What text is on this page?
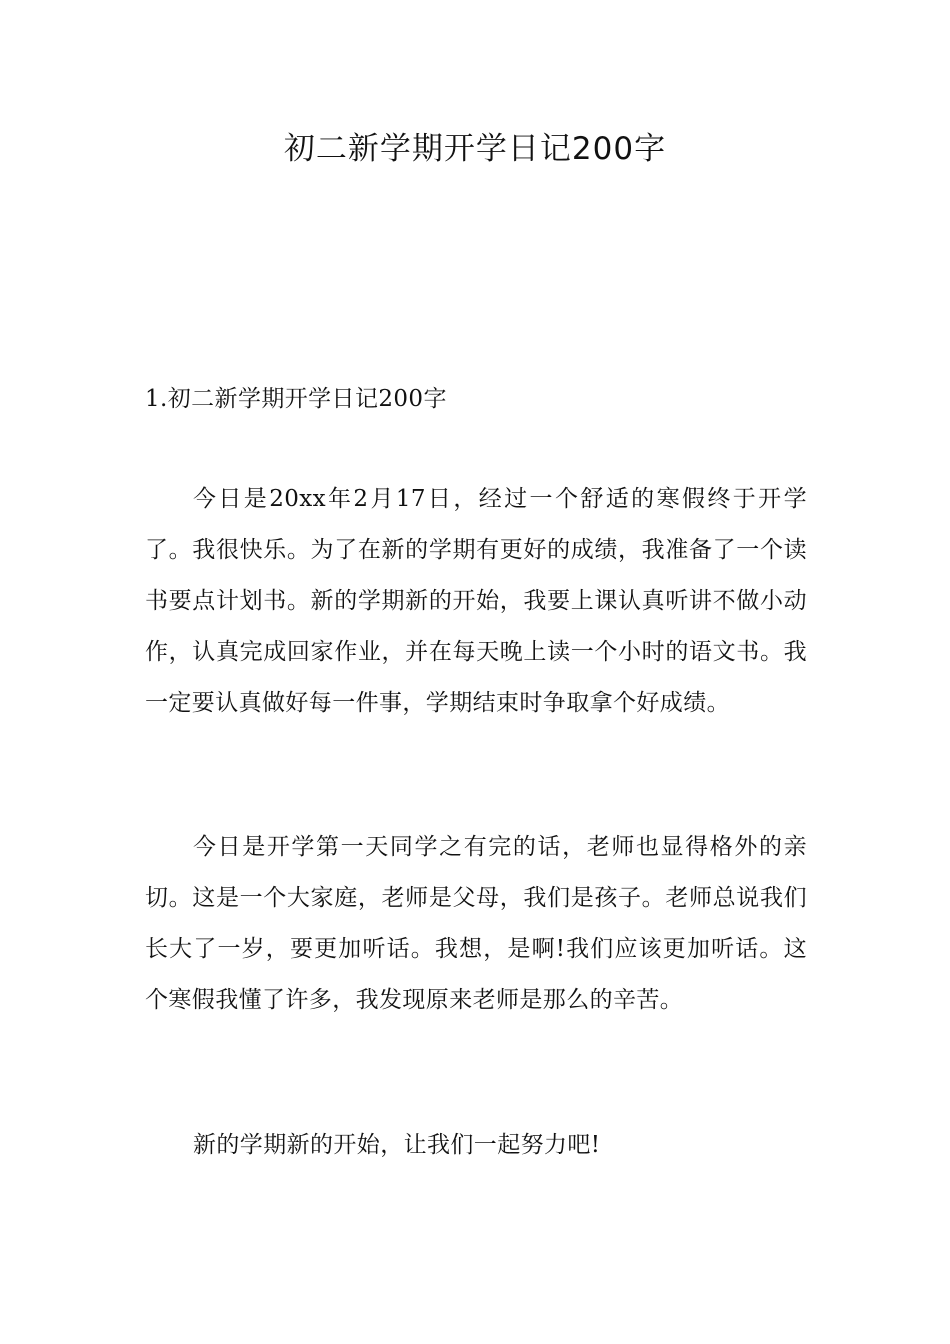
初二新学期开学日记200字

1.初二新学期开学日记200字

今日是20xx年2月17日，经过一个舒适的寒假终于开学了。我很快乐。为了在新的学期有更好的成绩，我准备了一个读书要点计划书。新的学期新的开始，我要上课认真听讲不做小动作，认真完成回家作业，并在每天晚上读一个小时的语文书。我一定要认真做好每一件事，学期结束时争取拿个好成绩。

今日是开学第一天同学之有完的话，老师也显得格外的亲切。这是一个大家庭，老师是父母，我们是孩子。老师总说我们长大了一岁，要更加听话。我想，是啊!我们应该更加听话。这个寒假我懂了许多，我发现原来老师是那么的辛苦。

新的学期新的开始，让我们一起努力吧!
